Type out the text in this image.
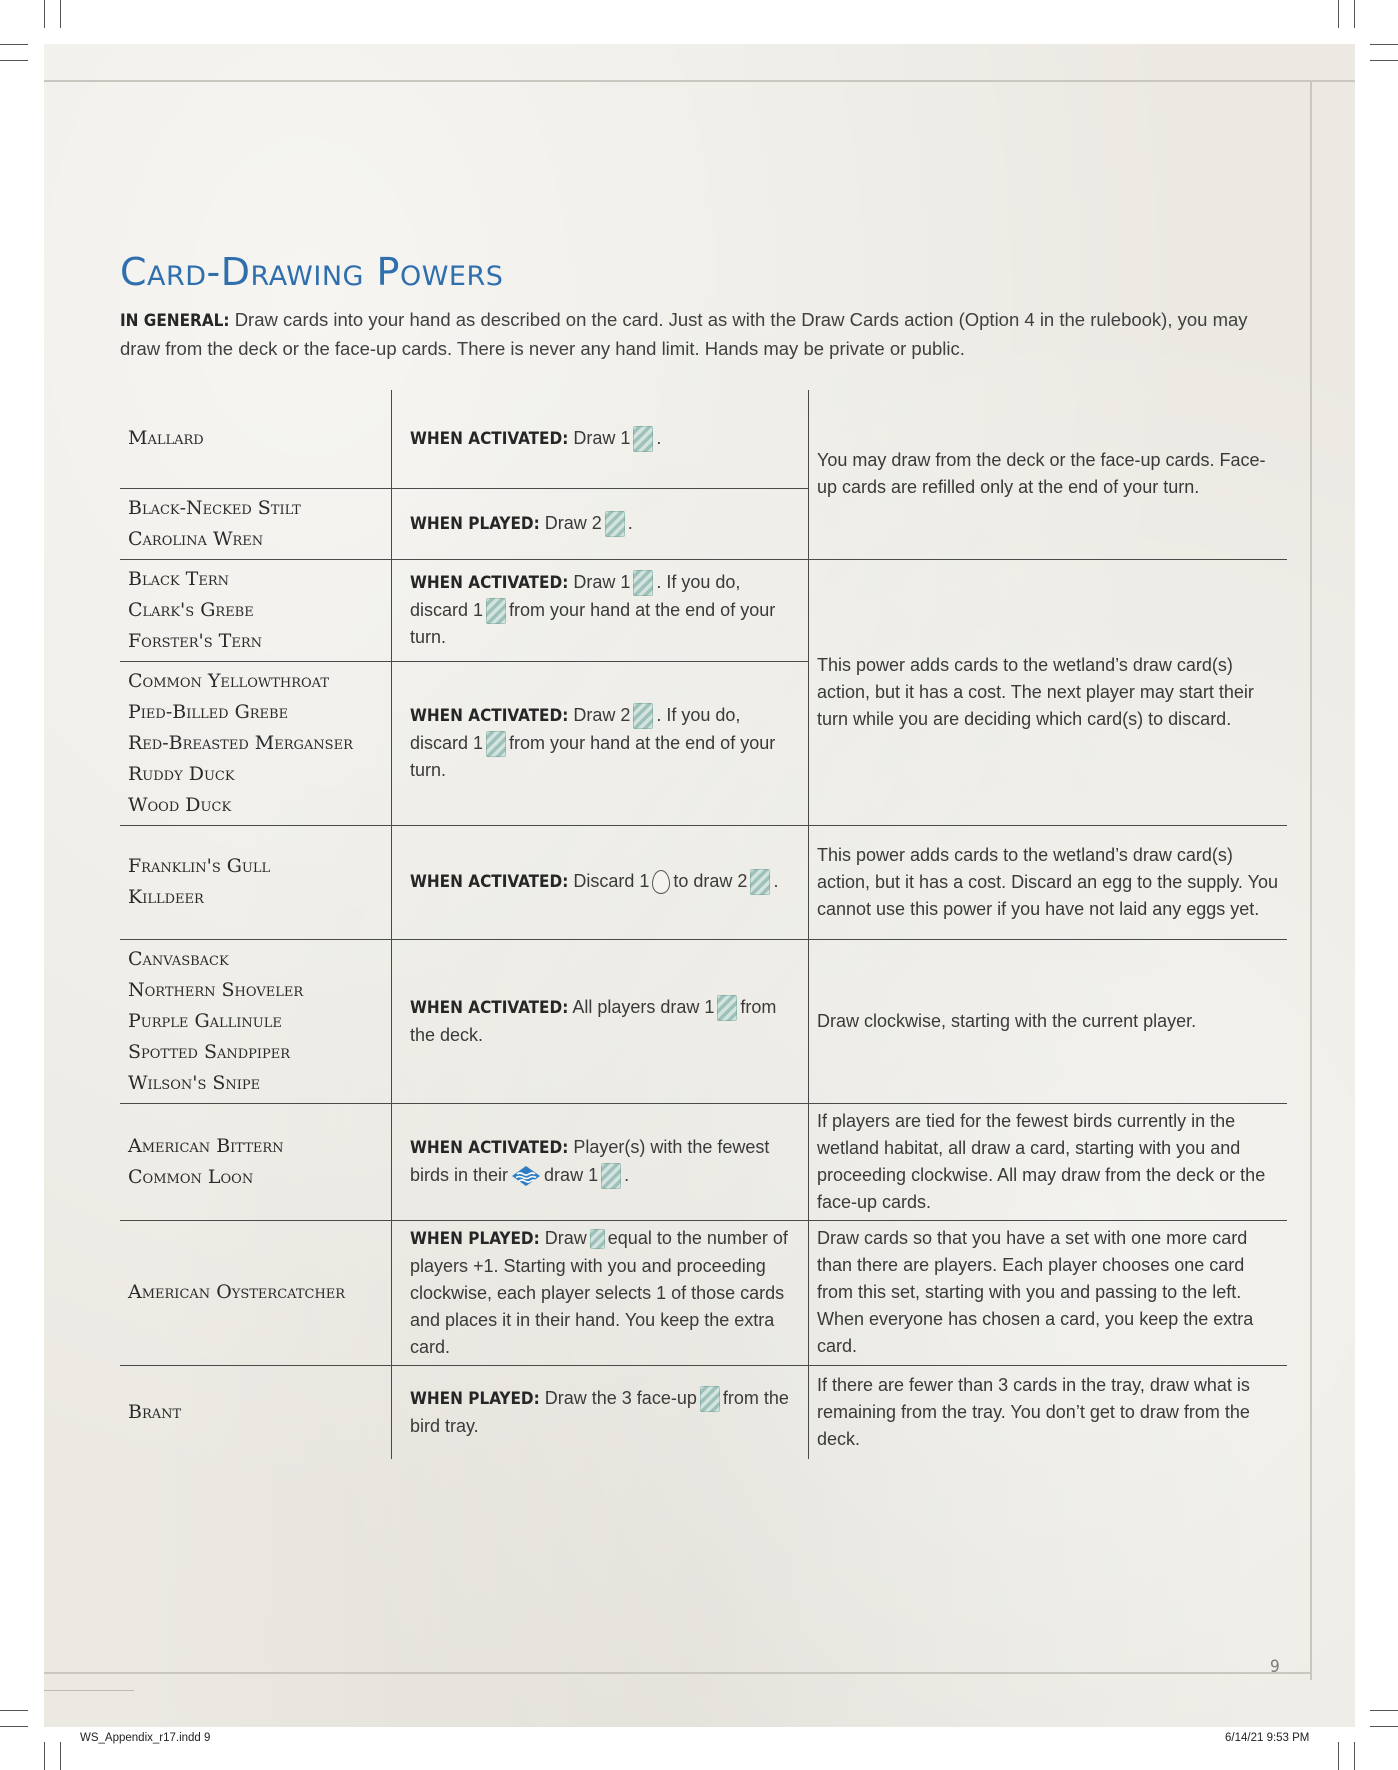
Card-Drawing Powers
IN GENERAL: Draw cards into your hand as described on the card. Just as with the Draw Cards action (Option 4 in the rulebook), you may draw from the deck or the face-up cards. There is never any hand limit. Hands may be private or public.
Mallard	WHEN ACTIVATED: Draw 1 .	You may draw from the deck or the face-up cards. Face-up cards are refilled only at the end of your turn.

Black-Necked Stilt
Carolina Wren	WHEN PLAYED: Draw 2 .	

Black Tern
Clark's Grebe
Forster's Tern	WHEN ACTIVATED: Draw 1 . If you do, discard 1 from your hand at the end of your turn.	This power adds cards to the wetland’s draw card(s) action, but it has a cost. The next player may start their turn while you are deciding which card(s) to discard.

Common Yellowthroat
Pied-Billed Grebe
Red-Breasted Merganser
Ruddy Duck
Wood Duck	WHEN ACTIVATED: Draw 2 . If you do, discard 1 from your hand at the end of your turn.	

Franklin's Gull
Killdeer	WHEN ACTIVATED: Discard 1 to draw 2 .	This power adds cards to the wetland’s draw card(s) action, but it has a cost. Discard an egg to the supply. You cannot use this power if you have not laid any eggs yet.

Canvasback
Northern Shoveler
Purple Gallinule
Spotted Sandpiper
Wilson's Snipe	WHEN ACTIVATED: All players draw 1 from the deck.	Draw clockwise, starting with the current player.

American Bittern
Common Loon	WHEN ACTIVATED: Player(s) with the fewest birds in their draw 1 .	If players are tied for the fewest birds currently in the wetland habitat, all draw a card, starting with you and proceeding clockwise. All may draw from the deck or the face-up cards.

American Oystercatcher	WHEN PLAYED: Draw equal to the number of players +1. Starting with you and proceeding clockwise, each player selects 1 of those cards and places it in their hand. You keep the extra card.	Draw cards so that you have a set with one more card than there are players. Each player chooses one card from this set, starting with you and passing to the left. When everyone has chosen a card, you keep the extra card.

Brant	WHEN PLAYED: Draw the 3 face-up from the bird tray.	If there are fewer than 3 cards in the tray, draw what is remaining from the tray. You don’t get to draw from the deck.
9
WS_Appendix_r17.indd 9	6/14/21 9:53 PM
